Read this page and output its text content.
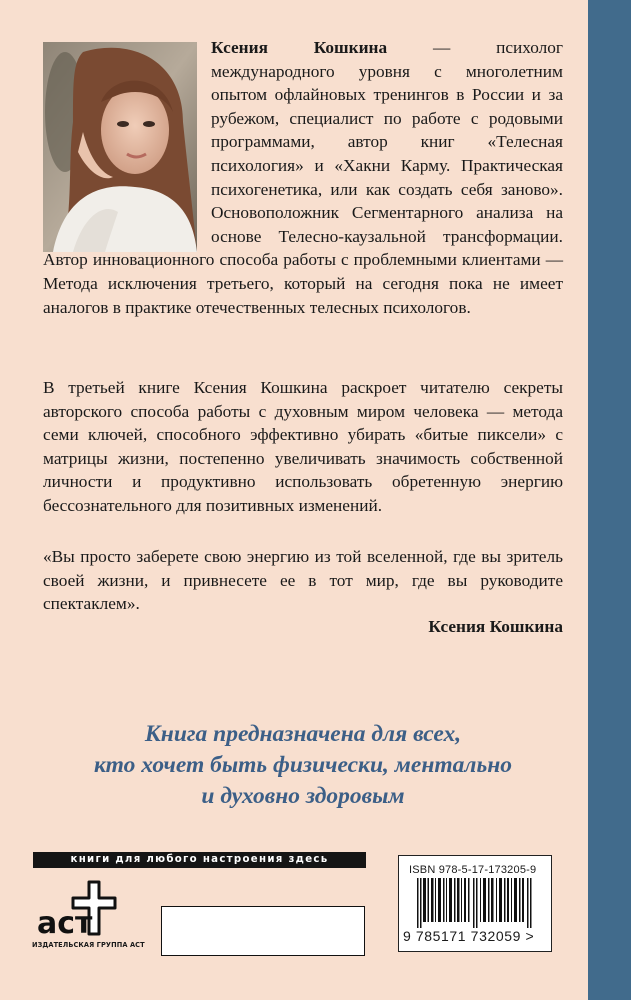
Ксения Кошкина — психолог международного уровня с многолетним опытом офлайновых тренингов в России и за рубежом, специалист по работе с родовыми программами, автор книг «Телесная психология» и «Хакни Карму. Практическая психогенетика, или как создать себя заново». Основоположник Сегментарного анализа на основе Телесно-каузальной трансформации. Автор инновационного способа работы с проблемными клиентами — Метода исключения третьего, который на сегодня пока не имеет аналогов в практике отечественных телесных психологов.

В третьей книге Ксения Кошкина раскроет читателю секреты авторского способа работы с духовным миром человека — метода семи ключей, способного эффективно убирать «битые пиксели» с матрицы жизни, постепенно увеличивать значимость собственной личности и продуктивно использовать обретенную энергию бессознательного для позитивных изменений.

«Вы просто заберете свою энергию из той вселенной, где вы зритель своей жизни, и привнесете ее в тот мир, где вы руководите спектаклем».

Ксения Кошкина

Книга предназначена для всех,
кто хочет быть физически, ментально
и духовно здоровым
книги для любого настроения здесь
аст
ИЗДАТЕЛЬСКАЯ ГРУППА АСТ
ISBN 978-5-17-173205-9
9 785171 732059 >
